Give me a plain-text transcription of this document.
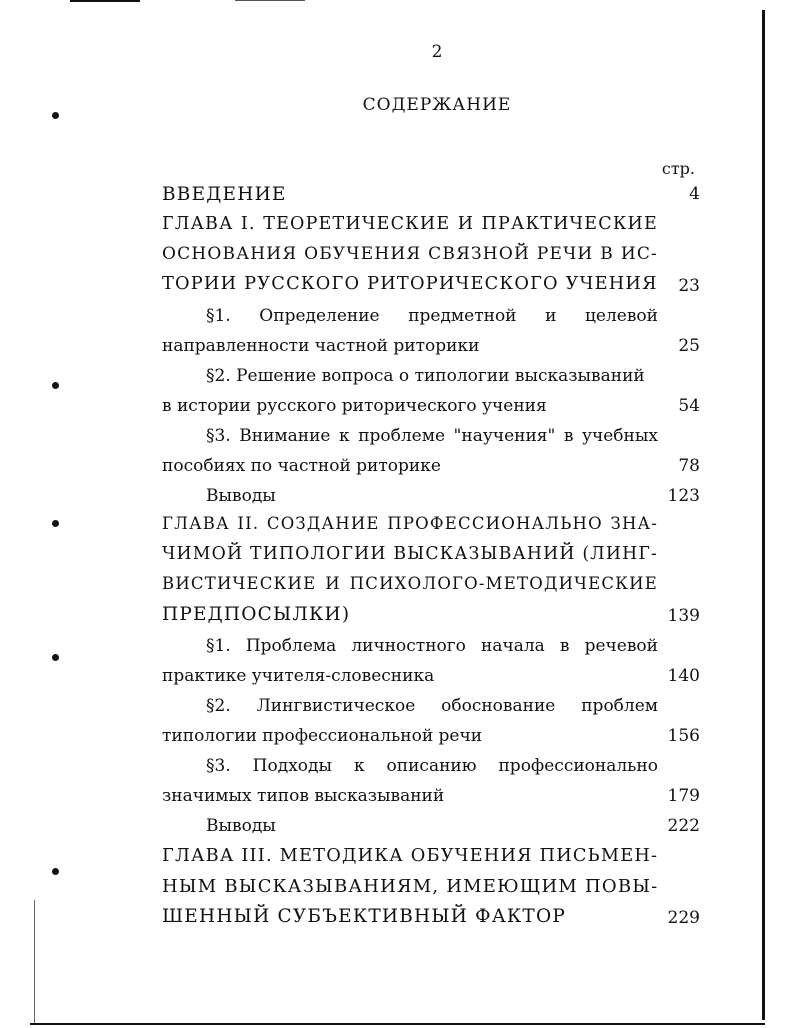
2
СОДЕРЖАНИЕ
стр.
ВВЕДЕНИЕ	4
ГЛАВА I. ТЕОРЕТИЧЕСКИЕ И ПРАКТИЧЕСКИЕ
ОСНОВАНИЯ ОБУЧЕНИЯ СВЯЗНОЙ РЕЧИ В ИС-
ТОРИИ РУССКОГО РИТОРИЧЕСКОГО УЧЕНИЯ	23
§1. Определение предметной и целевой
направленности частной риторики	25
§2. Решение вопроса о типологии высказываний
в истории русского риторического учения	54
§3. Внимание к проблеме "научения" в учебных
пособиях по частной риторике	78
Выводы	123
ГЛАВА II. СОЗДАНИЕ ПРОФЕССИОНАЛЬНО ЗНА-
ЧИМОЙ ТИПОЛОГИИ ВЫСКАЗЫВАНИЙ (ЛИНГ-
ВИСТИЧЕСКИЕ И ПСИХОЛОГО-МЕТОДИЧЕСКИЕ
ПРЕДПОСЫЛКИ)	139
§1. Проблема личностного начала в речевой
практике учителя-словесника	140
§2. Лингвистическое обоснование проблем
типологии профессиональной речи	156
§3. Подходы к описанию профессионально
значимых типов высказываний	179
Выводы	222
ГЛАВА III. МЕТОДИКА ОБУЧЕНИЯ ПИСЬМЕН-
НЫМ ВЫСКАЗЫВАНИЯМ, ИМЕЮЩИМ ПОВЫ-
ШЕННЫЙ СУБЪЕКТИВНЫЙ ФАКТОР	229
